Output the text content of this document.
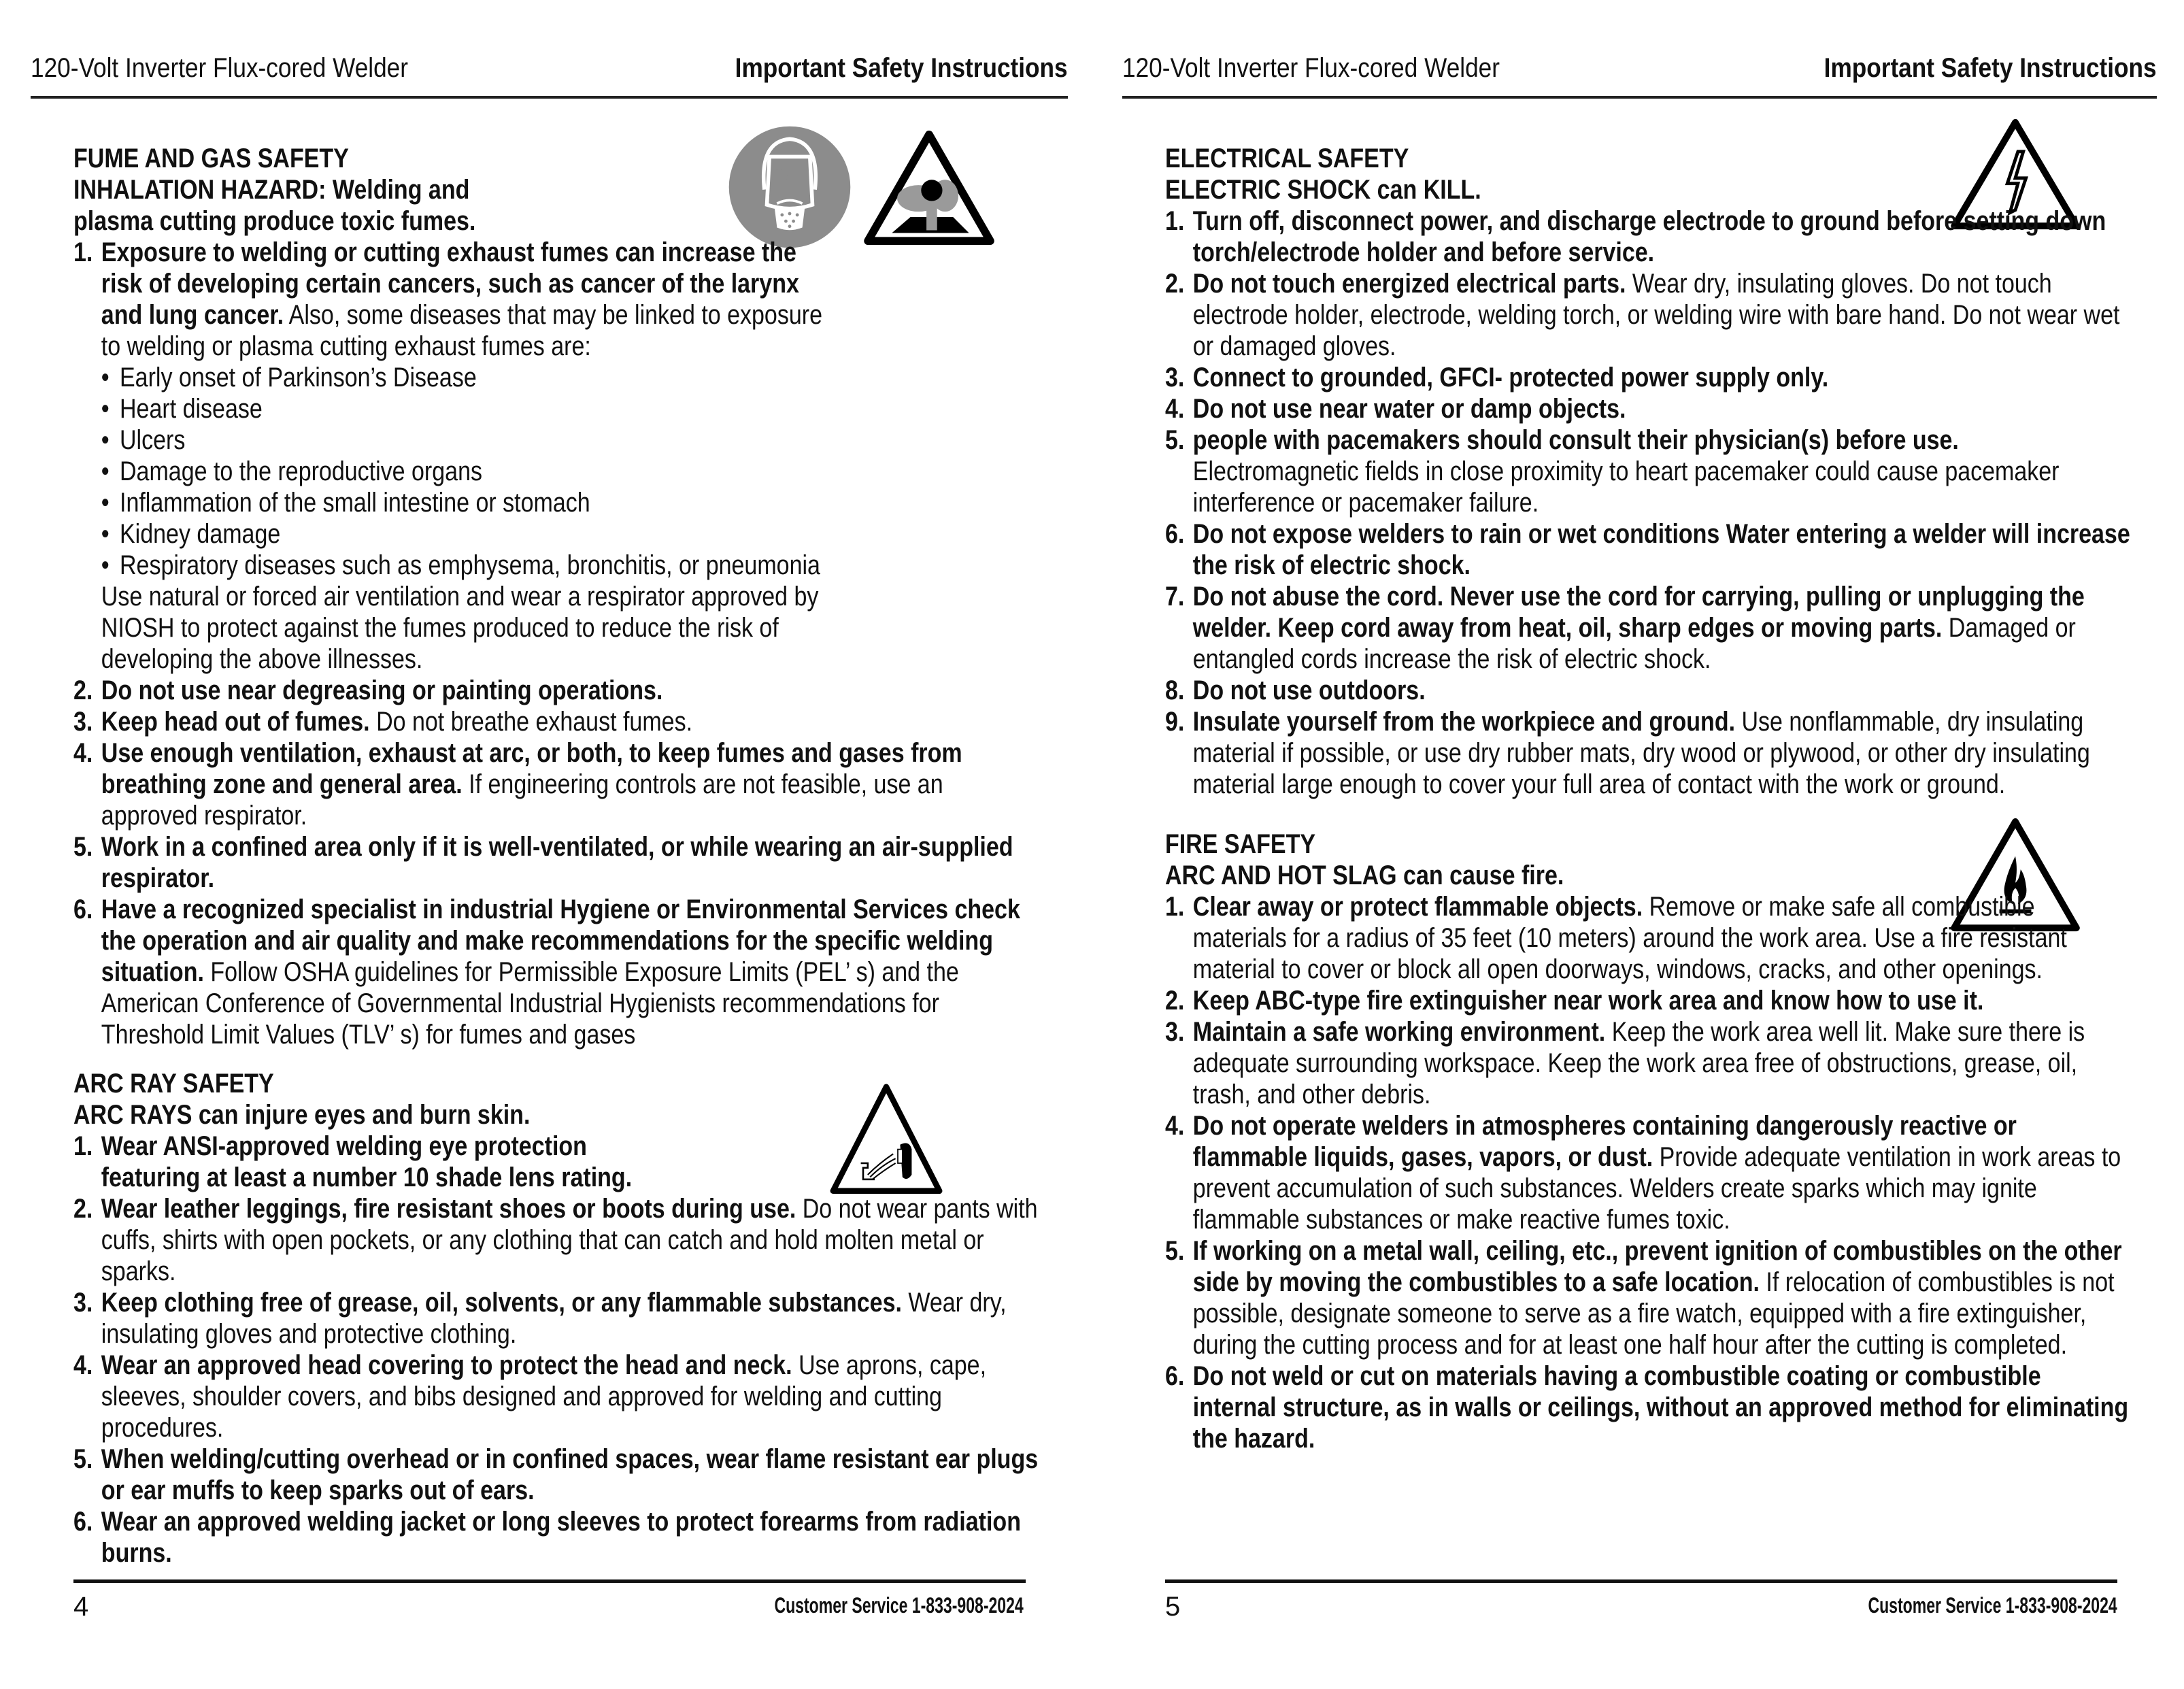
120-Volt Inverter Flux-cored Welder	Important Safety Instructions
FUME AND GAS SAFETY
INHALATION HAZARD: Welding and plasma cutting produce toxic fumes.
1. Exposure to welding or cutting exhaust fumes can increase the risk of developing certain cancers, such as cancer of the larynx and lung cancer. Also, some diseases that may be linked to exposure to welding or plasma cutting exhaust fumes are:
• Early onset of Parkinson’s Disease
• Heart disease
• Ulcers
• Damage to the reproductive organs
• Inflammation of the small intestine or stomach
• Kidney damage
• Respiratory diseases such as emphysema, bronchitis, or pneumonia
Use natural or forced air ventilation and wear a respirator approved by NIOSH to protect against the fumes produced to reduce the risk of developing the above illnesses.
2. Do not use near degreasing or painting operations.
3. Keep head out of fumes. Do not breathe exhaust fumes.
4. Use enough ventilation, exhaust at arc, or both, to keep fumes and gases from breathing zone and general area. If engineering controls are not feasible, use an approved respirator.
5. Work in a confined area only if it is well-ventilated, or while wearing an air-supplied respirator.
6. Have a recognized specialist in industrial Hygiene or Environmental Services check the operation and air quality and make recommendations for the specific welding situation. Follow OSHA guidelines for Permissible Exposure Limits (PEL’ s) and the American Conference of Governmental Industrial Hygienists recommendations for Threshold Limit Values (TLV’ s) for fumes and gases
ARC RAY SAFETY
ARC RAYS can injure eyes and burn skin.
1. Wear ANSI-approved welding eye protection featuring at least a number 10 shade lens rating.
2. Wear leather leggings, fire resistant shoes or boots during use. Do not wear pants with cuffs, shirts with open pockets, or any clothing that can catch and hold molten metal or sparks.
3. Keep clothing free of grease, oil, solvents, or any flammable substances. Wear dry, insulating gloves and protective clothing.
4. Wear an approved head covering to protect the head and neck. Use aprons, cape, sleeves, shoulder covers, and bibs designed and approved for welding and cutting procedures.
5. When welding/cutting overhead or in confined spaces, wear flame resistant ear plugs or ear muffs to keep sparks out of ears.
6. Wear an approved welding jacket or long sleeves to protect forearms from radiation burns.
4	Customer Service 1-833-908-2024
120-Volt Inverter Flux-cored Welder	Important Safety Instructions
ELECTRICAL SAFETY
ELECTRIC SHOCK can KILL.
1. Turn off, disconnect power, and discharge electrode to ground before setting down torch/electrode holder and before service.
2. Do not touch energized electrical parts. Wear dry, insulating gloves. Do not touch electrode holder, electrode, welding torch, or welding wire with bare hand. Do not wear wet or damaged gloves.
3. Connect to grounded, GFCI- protected power supply only.
4. Do not use near water or damp objects.
5. people with pacemakers should consult their physician(s) before use. Electromagnetic fields in close proximity to heart pacemaker could cause pacemaker interference or pacemaker failure.
6. Do not expose welders to rain or wet conditions Water entering a welder will increase the risk of electric shock.
7. Do not abuse the cord. Never use the cord for carrying, pulling or unplugging the welder. Keep cord away from heat, oil, sharp edges or moving parts. Damaged or entangled cords increase the risk of electric shock.
8. Do not use outdoors.
9. Insulate yourself from the workpiece and ground. Use nonflammable, dry insulating material if possible, or use dry rubber mats, dry wood or plywood, or other dry insulating material large enough to cover your full area of contact with the work or ground.
FIRE SAFETY
ARC AND HOT SLAG can cause fire.
1. Clear away or protect flammable objects. Remove or make safe all combustible materials for a radius of 35 feet (10 meters) around the work area. Use a fire resistant material to cover or block all open doorways, windows, cracks, and other openings.
2. Keep ABC-type fire extinguisher near work area and know how to use it.
3. Maintain a safe working environment. Keep the work area well lit. Make sure there is adequate surrounding workspace. Keep the work area free of obstructions, grease, oil, trash, and other debris.
4. Do not operate welders in atmospheres containing dangerously reactive or flammable liquids, gases, vapors, or dust. Provide adequate ventilation in work areas to prevent accumulation of such substances. Welders create sparks which may ignite flammable substances or make reactive fumes toxic.
5. If working on a metal wall, ceiling, etc., prevent ignition of combustibles on the other side by moving the combustibles to a safe location. If relocation of combustibles is not possible, designate someone to serve as a fire watch, equipped with a fire extinguisher, during the cutting process and for at least one half hour after the cutting is completed.
6. Do not weld or cut on materials having a combustible coating or combustible internal structure, as in walls or ceilings, without an approved method for eliminating the hazard.
5	Customer Service 1-833-908-2024
